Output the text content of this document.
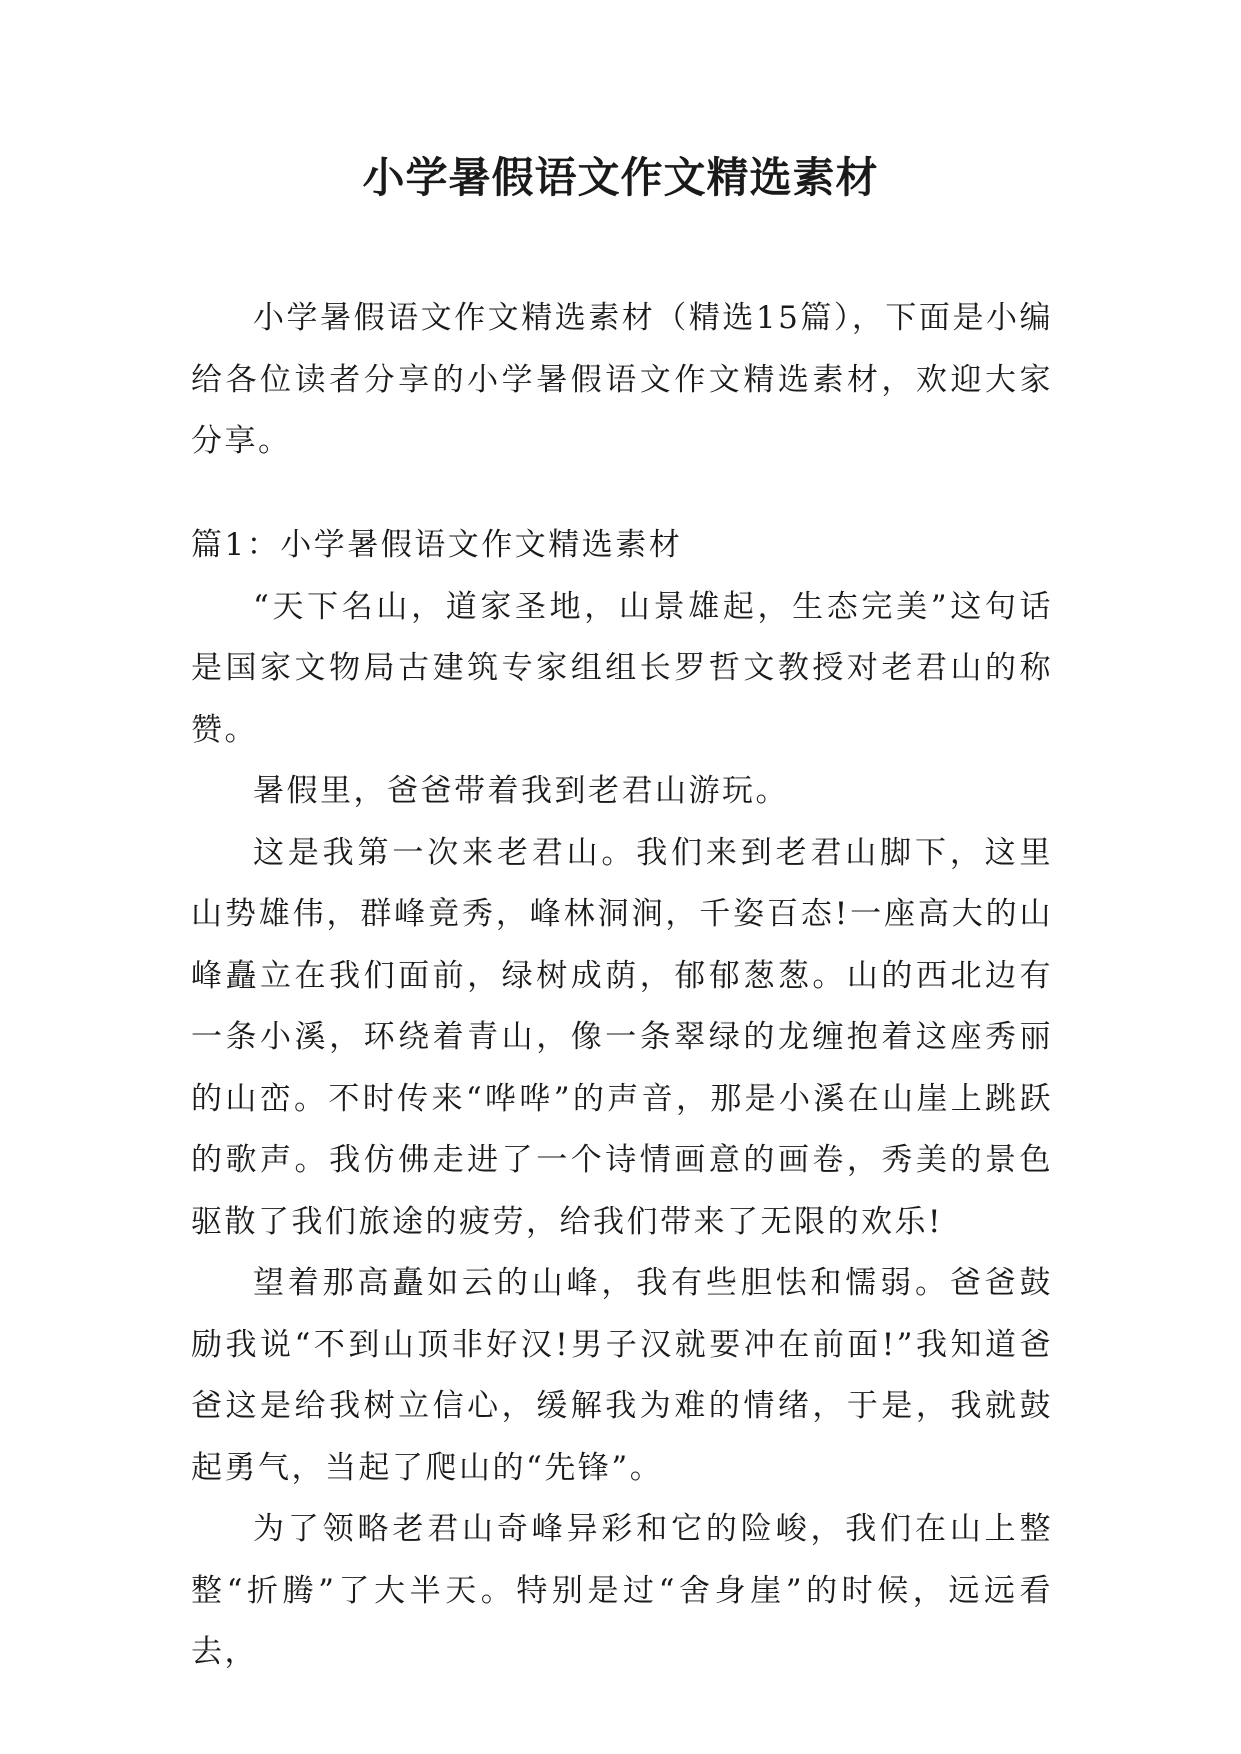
小学暑假语文作文精选素材

小学暑假语文作文精选素材（精选15篇），下面是小编给各位读者分享的小学暑假语文作文精选素材，欢迎大家分享。

篇1：小学暑假语文作文精选素材

“天下名山，道家圣地，山景雄起，生态完美”这句话是国家文物局古建筑专家组组长罗哲文教授对老君山的称赞。

暑假里，爸爸带着我到老君山游玩。

这是我第一次来老君山。我们来到老君山脚下，这里山势雄伟，群峰竟秀，峰林洞涧，千姿百态!一座高大的山峰矗立在我们面前，绿树成荫，郁郁葱葱。山的西北边有一条小溪，环绕着青山，像一条翠绿的龙缠抱着这座秀丽的山峦。不时传来“哗哗”的声音，那是小溪在山崖上跳跃的歌声。我仿佛走进了一个诗情画意的画卷，秀美的景色驱散了我们旅途的疲劳，给我们带来了无限的欢乐!

望着那高矗如云的山峰，我有些胆怯和懦弱。爸爸鼓励我说“不到山顶非好汉!男子汉就要冲在前面!”我知道爸爸这是给我树立信心，缓解我为难的情绪，于是，我就鼓起勇气，当起了爬山的“先锋”。

为了领略老君山奇峰异彩和它的险峻，我们在山上整整“折腾”了大半天。特别是过“舍身崖”的时候，远远看去，
